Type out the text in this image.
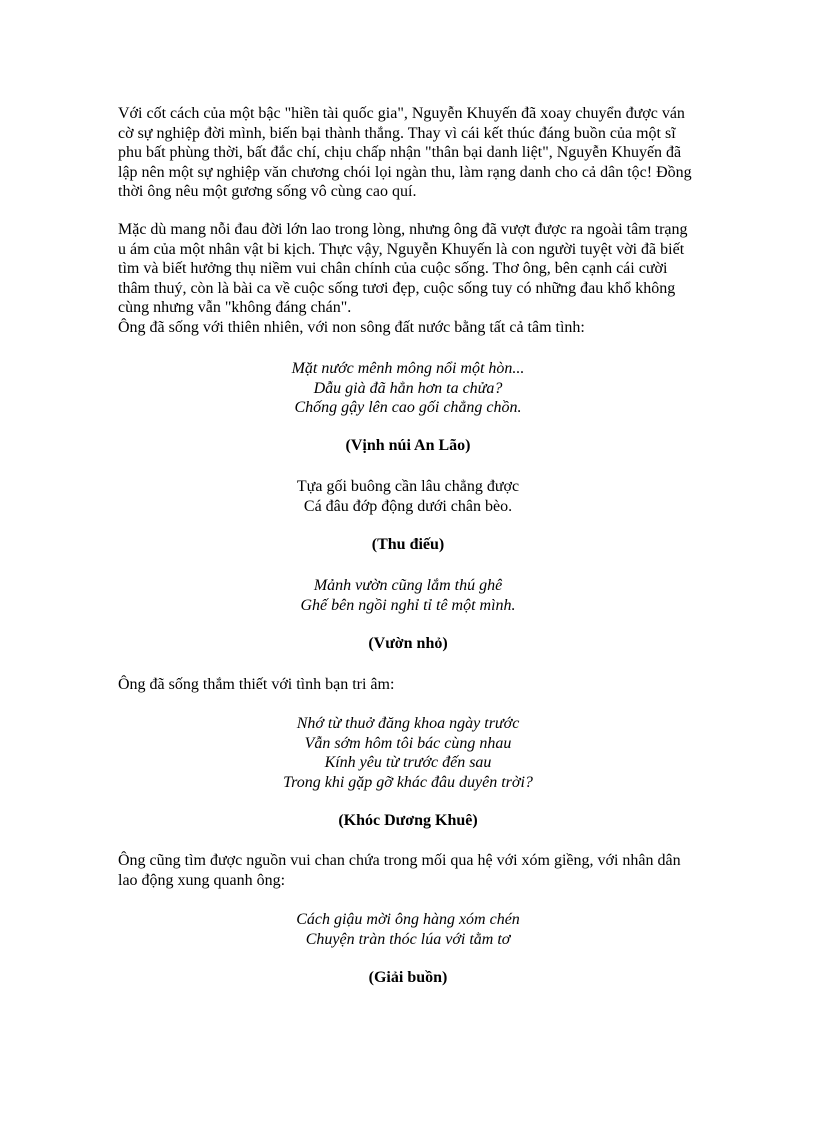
Với cốt cách của một bậc "hiền tài quốc gia", Nguyễn Khuyến đã xoay chuyển được ván
cờ sự nghiệp đời mình, biến bại thành thắng. Thay vì cái kết thúc đáng buồn của một sĩ
phu bất phùng thời, bất đắc chí, chịu chấp nhận "thân bại danh liệt", Nguyễn Khuyến đã
lập nên một sự nghiệp văn chương chói lọi ngàn thu, làm rạng danh cho cả dân tộc! Đồng
thời ông nêu một gương sống vô cùng cao quí.

Mặc dù mang nỗi đau đời lớn lao trong lòng, nhưng ông đã vượt được ra ngoài tâm trạng
u ám của một nhân vật bi kịch. Thực vậy, Nguyễn Khuyến là con người tuyệt vời đã biết
tìm và biết hưởng thụ niềm vui chân chính của cuộc sống. Thơ ông, bên cạnh cái cười
thâm thuý, còn là bài ca về cuộc sống tươi đẹp, cuộc sống tuy có những đau khổ không
cùng nhưng vẫn "không đáng chán".
Ông đã sống với thiên nhiên, với non sông đất nước bằng tất cả tâm tình:

Mặt nước mênh mông nổi một hòn...
Dẫu già đã hẳn hơn ta chửa?
Chống gậy lên cao gối chẳng chồn.

(Vịnh núi An Lão)

Tựa gối buông cần lâu chẳng được
Cá đâu đớp động dưới chân bèo.

(Thu điếu)

Mảnh vườn cũng lắm thú ghê
Ghế bên ngồi nghỉ tỉ tê một mình.

(Vườn nhỏ)

Ông đã sống thắm thiết với tình bạn tri âm:

Nhớ từ thuở đăng khoa ngày trước
Vẫn sớm hôm tôi bác cùng nhau
Kính yêu từ trước đến sau
Trong khi gặp gỡ khác đâu duyên trời?

(Khóc Dương Khuê)

Ông cũng tìm được nguồn vui chan chứa trong mối qua hệ với xóm giềng, với nhân dân
lao động xung quanh ông:

Cách giậu mời ông hàng xóm chén
Chuyện tràn thóc lúa với tằm tơ

(Giải buồn)
